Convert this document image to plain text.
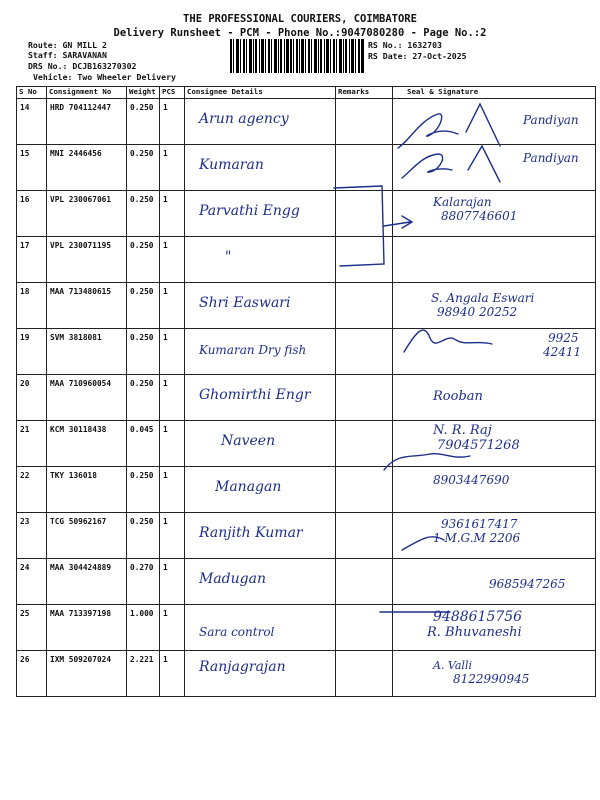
THE PROFESSIONAL COURIERS, COIMBATORE
Delivery Runsheet - PCM - Phone No.:9047080280 - Page No.:2
Route: GN MILL 2
Staff: SARAVANAN
DRS No.: DCJB163270302
Vehicle: Two Wheeler Delivery
RS No.: 1632703
RS Date: 27-Oct-2025
S No	Consignment No	Weight	PCS	Consignee Details	Remarks	Seal & Signature
14	HRD 704112447	0.250	1	Arun agency		Pandiyan

15	MNI 2446456	0.250	1	Kumaran		Pandiyan

16	VPL 230067061	0.250	1	Parvathi Engg		Kalarajan
8807746601

17	VPL 230071195	0.250	1	"		

18	MAA 713480615	0.250	1	Shri Easwari		S. Angala Eswari
98940 20252

19	SVM 3818081	0.250	1	Kumaran Dry fish		9925
42411

20	MAA 710960054	0.250	1	Ghomirthi Engr		Rooban

21	KCM 30118438	0.045	1	Naveen		N. R. Raj
7904571268

22	TKY 136018	0.250	1	Managan		8903447690

23	TCG 50962167	0.250	1	Ranjith Kumar		9361617417
1 M.G.M 2206

24	MAA 304424889	0.270	1	Madugan		9685947265

25	MAA 713397198	1.000	1	Sara control		9488615756
R. Bhuvaneshi

26	IXM 509207024	2.221	1	Ranjagrajan		A. Valli
8122990945
